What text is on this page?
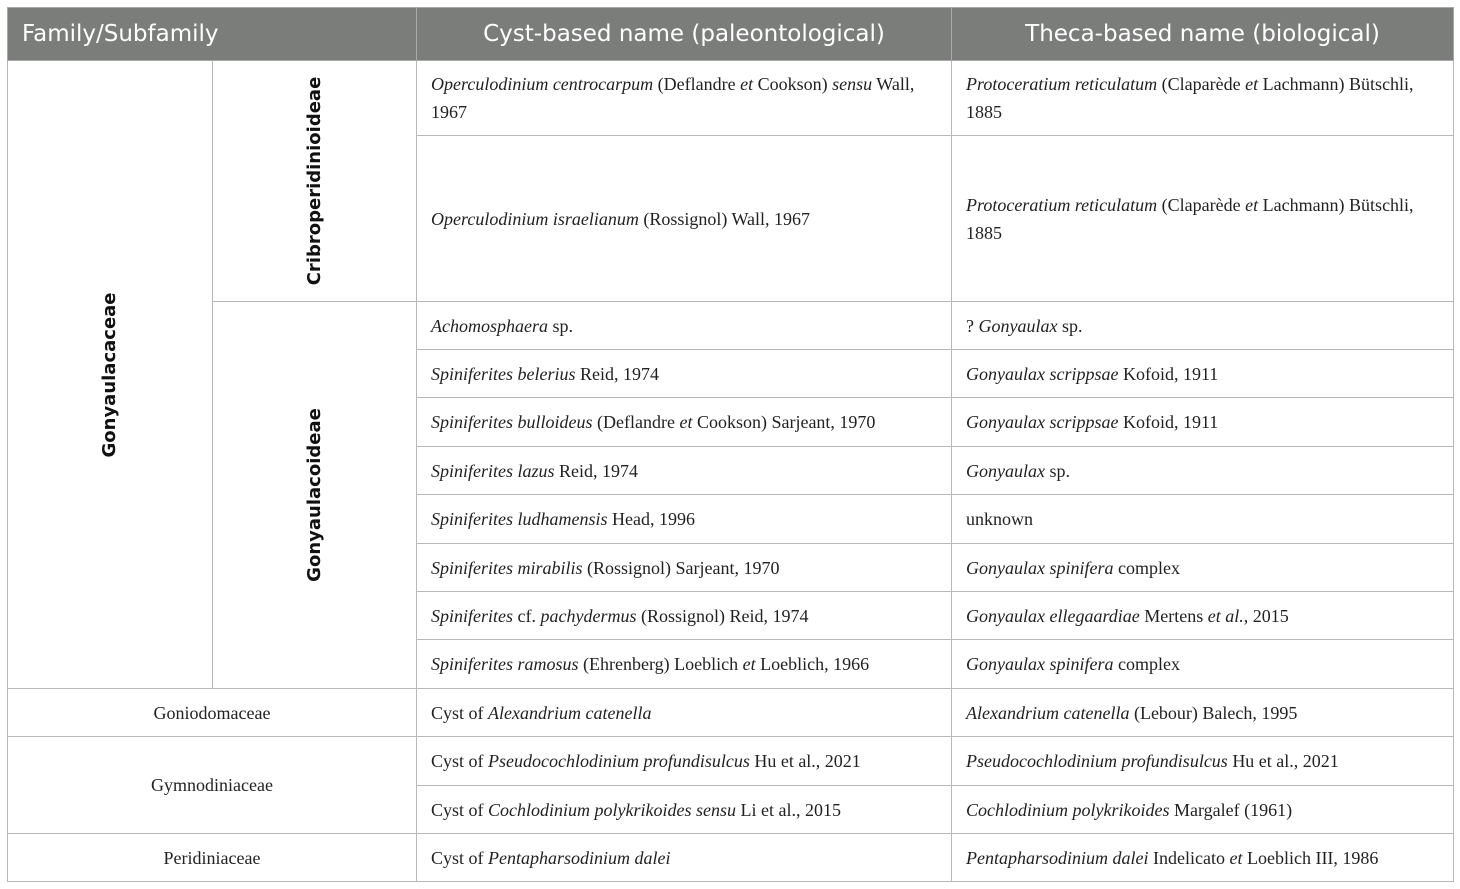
Family/Subfamily		Cyst-based name (paleontological)	Theca-based name (biological)

Gonyaulacaceae	Cribroperidinioideae	Operculodinium centrocarpum (Deflandre et Cookson) sensu Wall, 1967	Protoceratium reticulatum (Claparède et Lachmann) Bütschli, 1885
		Operculodinium israelianum (Rossignol) Wall, 1967	Protoceratium reticulatum (Claparède et Lachmann) Bütschli, 1885

	Gonyaulacoideae	Achomosphaera sp.	? Gonyaulax sp.
		Spiniferites belerius Reid, 1974	Gonyaulax scrippsae Kofoid, 1911
		Spiniferites bulloideus (Deflandre et Cookson) Sarjeant, 1970	Gonyaulax scrippsae Kofoid, 1911
		Spiniferites lazus Reid, 1974	Gonyaulax sp.
		Spiniferites ludhamensis Head, 1996	unknown
		Spiniferites mirabilis (Rossignol) Sarjeant, 1970	Gonyaulax spinifera complex
		Spiniferites cf. pachydermus (Rossignol) Reid, 1974	Gonyaulax ellegaardiae Mertens et al., 2015
		Spiniferites ramosus (Ehrenberg) Loeblich et Loeblich, 1966	Gonyaulax spinifera complex
Goniodomaceae		Cyst of Alexandrium catenella	Alexandrium catenella (Lebour) Balech, 1995
Gymnodiniaceae		Cyst of Pseudocochlodinium profundisulcus Hu et al., 2021	Pseudocochlodinium profundisulcus Hu et al., 2021
		Cyst of Cochlodinium polykrikoides sensu Li et al., 2015	Cochlodinium polykrikoides Margalef (1961)
Peridiniaceae		Cyst of Pentapharsodinium dalei	Pentapharsodinium dalei Indelicato et Loeblich III, 1986
